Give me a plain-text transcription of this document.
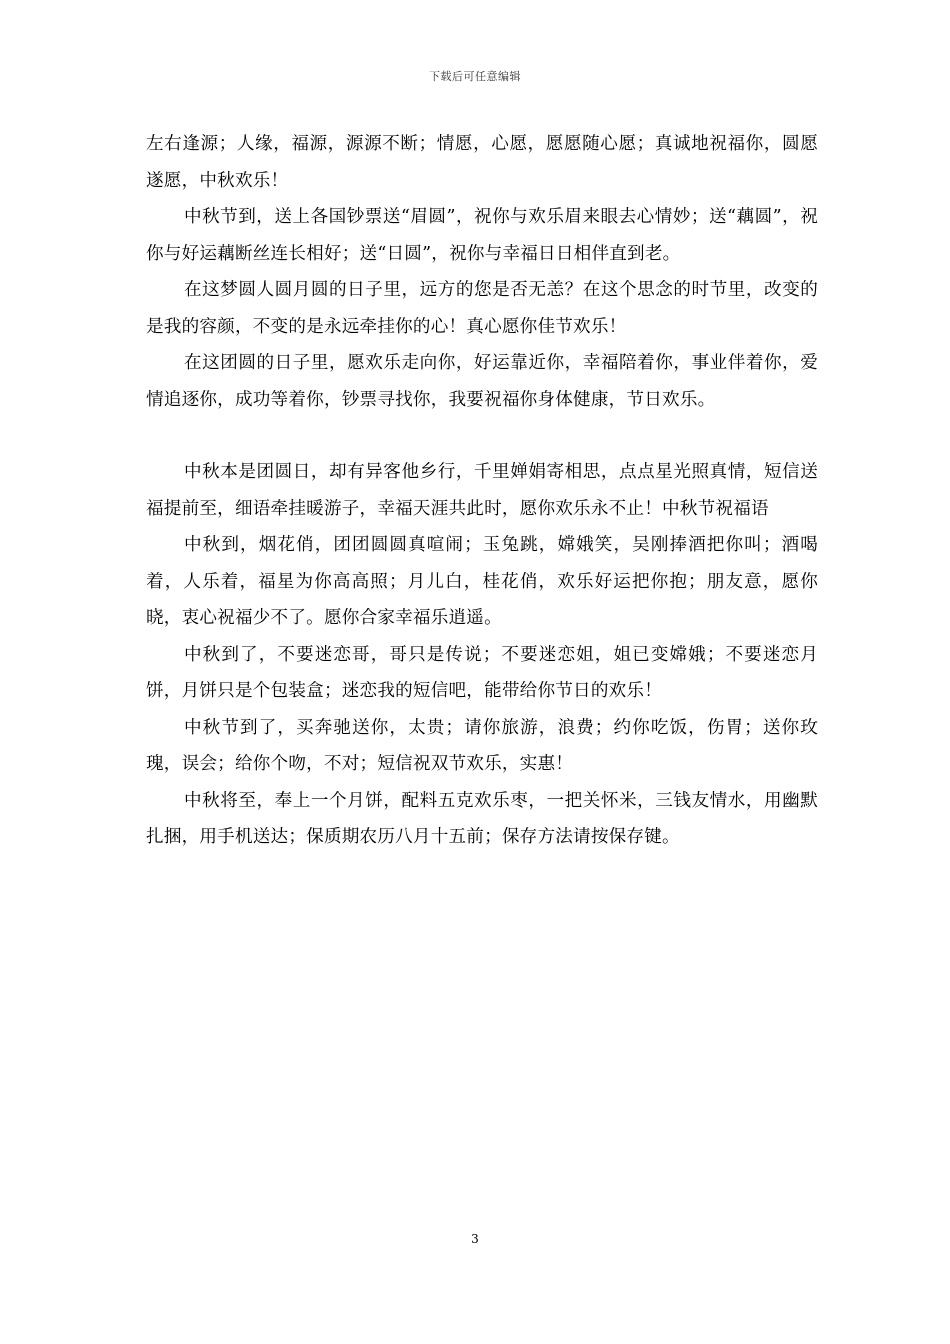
下载后可任意编辑

左右逢源；人缘，福源，源源不断；情愿，心愿，愿愿随心愿；真诚地祝福你，圆愿遂愿，中秋欢乐！

中秋节到，送上各国钞票送“眉圆”，祝你与欢乐眉来眼去心情妙；送“藕圆”，祝你与好运藕断丝连长相好；送“日圆”，祝你与幸福日日相伴直到老。

在这梦圆人圆月圆的日子里，远方的您是否无恙？在这个思念的时节里，改变的是我的容颜，不变的是永远牵挂你的心！真心愿你佳节欢乐！

在这团圆的日子里，愿欢乐走向你，好运靠近你，幸福陪着你，事业伴着你，爱情追逐你，成功等着你，钞票寻找你，我要祝福你身体健康，节日欢乐。

中秋本是团圆日，却有异客他乡行，千里婵娟寄相思，点点星光照真情，短信送福提前至，细语牵挂暖游子，幸福天涯共此时，愿你欢乐永不止！中秋节祝福语

中秋到，烟花俏，团团圆圆真喧闹；玉兔跳，嫦娥笑，吴刚捧酒把你叫；酒喝着，人乐着，福星为你高高照；月儿白，桂花俏，欢乐好运把你抱；朋友意，愿你晓，衷心祝福少不了。愿你合家幸福乐逍遥。

中秋到了，不要迷恋哥，哥只是传说；不要迷恋姐，姐已变嫦娥；不要迷恋月饼，月饼只是个包装盒；迷恋我的短信吧，能带给你节日的欢乐！

中秋节到了，买奔驰送你，太贵；请你旅游，浪费；约你吃饭，伤胃；送你玫瑰，误会；给你个吻，不对；短信祝双节欢乐，实惠！

中秋将至，奉上一个月饼，配料五克欢乐枣，一把关怀米，三钱友情水，用幽默扎捆，用手机送达；保质期农历八月十五前；保存方法请按保存键。

3
